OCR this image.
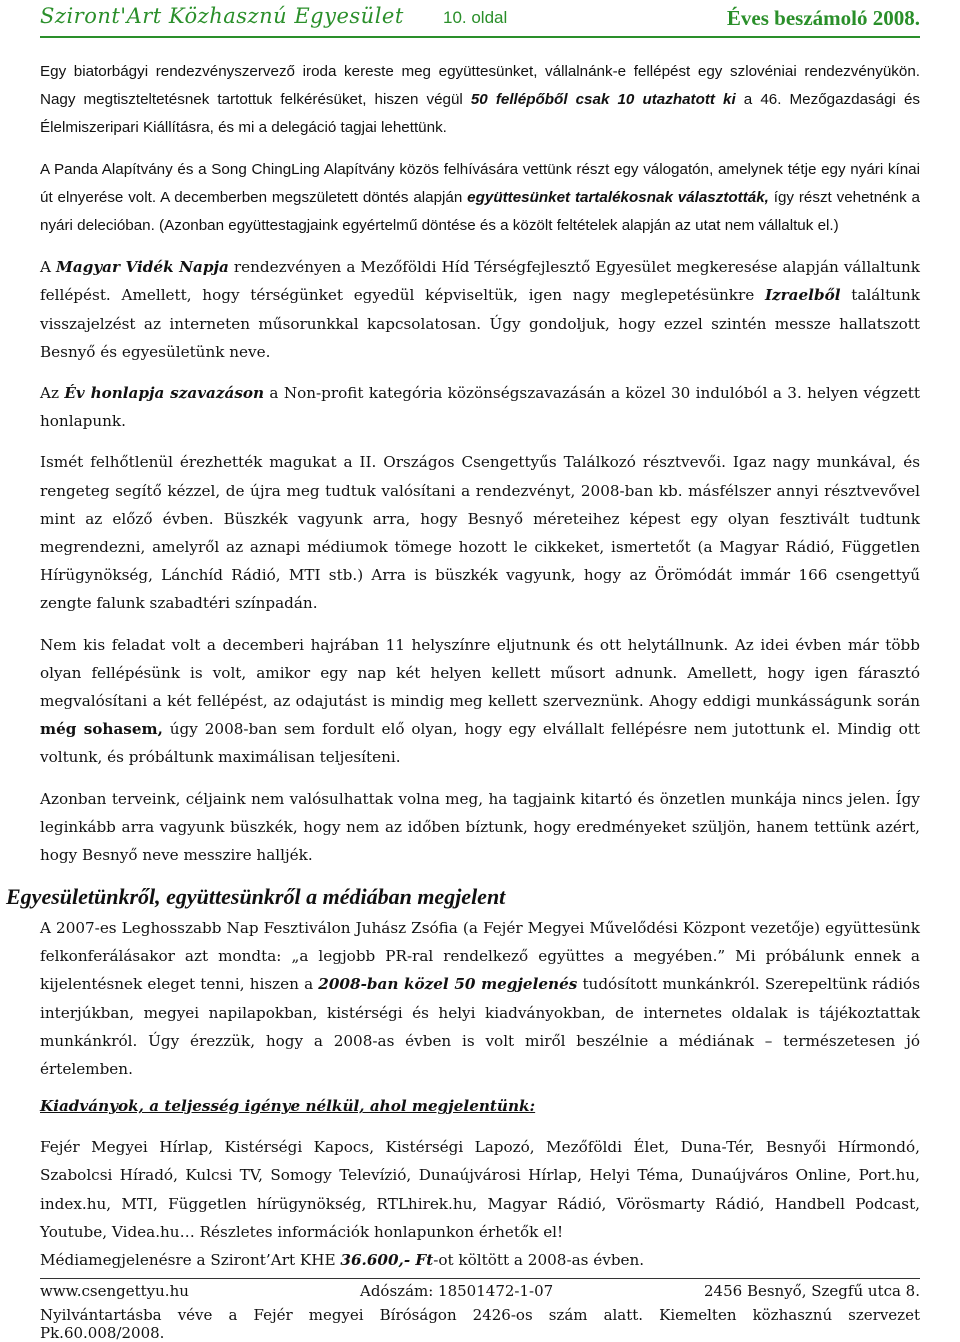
Sziront'Art Közhasznú Egyesület 10. oldal	Éves beszámoló 2008.

Egy biatorbágyi rendezvényszervező iroda kereste meg együttesünket, vállalnánk-e fellépést egy szlovéniai rendezvényükön. Nagy megtiszteltetésnek tartottuk felkérésüket, hiszen végül 50 fellépőből csak 10 utazhatott ki a 46. Mezőgazdasági és Élelmiszeripari Kiállításra, és mi a delegáció tagjai lehettünk.

A Panda Alapítvány és a Song ChingLing Alapítvány közös felhívására vettünk részt egy válogatón, amelynek tétje egy nyári kínai út elnyerése volt. A decemberben megszületett döntés alapján együttesünket tartalékosnak választották, így részt vehetnénk a nyári delecióban. (Azonban együttestagjaink egyértelmű döntése és a közölt feltételek alapján az utat nem vállaltuk el.)

A Magyar Vidék Napja rendezvényen a Mezőföldi Híd Térségfejlesztő Egyesület megkeresése alapján vállaltunk fellépést. Amellett, hogy térségünket egyedül képviseltük, igen nagy meglepetésünkre Izraelből találtunk visszajelzést az interneten műsorunkkal kapcsolatosan. Úgy gondoljuk, hogy ezzel szintén messze hallatszott Besnyő és egyesületünk neve.

Az Év honlapja szavazáson a Non-profit kategória közönségszavazásán a közel 30 indulóból a 3. helyen végzett honlapunk.

Ismét felhőtlenül érezhették magukat a II. Országos Csengettyűs Találkozó résztvevői. Igaz nagy munkával, és rengeteg segítő kézzel, de újra meg tudtuk valósítani a rendezvényt, 2008-ban kb. másfélszer annyi résztvevővel mint az előző évben. Büszkék vagyunk arra, hogy Besnyő méreteihez képest egy olyan fesztivált tudtunk megrendezni, amelyről az aznapi médiumok tömege hozott le cikkeket, ismertetőt (a Magyar Rádió, Független Hírügynökség, Lánchíd Rádió, MTI stb.) Arra is büszkék vagyunk, hogy az Örömódát immár 166 csengettyű zengte falunk szabadtéri színpadán.

Nem kis feladat volt a decemberi hajrában 11 helyszínre eljutnunk és ott helytállnunk. Az idei évben már több olyan fellépésünk is volt, amikor egy nap két helyen kellett műsort adnunk. Amellett, hogy igen fárasztó megvalósítani a két fellépést, az odajutást is mindig meg kellett szerveznünk. Ahogy eddigi munkásságunk során még sohasem, úgy 2008-ban sem fordult elő olyan, hogy egy elvállalt fellépésre nem jutottunk el. Mindig ott voltunk, és próbáltunk maximálisan teljesíteni.

Azonban terveink, céljaink nem valósulhattak volna meg, ha tagjaink kitartó és önzetlen munkája nincs jelen. Így leginkább arra vagyunk büszkék, hogy nem az időben bíztunk, hogy eredményeket szüljön, hanem tettünk azért, hogy Besnyő neve messzire halljék.

Egyesületünkről, együttesünkről a médiában megjelent

A 2007-es Leghosszabb Nap Fesztiválon Juhász Zsófia (a Fejér Megyei Művelődési Központ vezetője) együttesünk felkonferálásakor azt mondta: „a legjobb PR-ral rendelkező együttes a megyében.” Mi próbálunk ennek a kijelentésnek eleget tenni, hiszen a 2008-ban közel 50 megjelenés tudósított munkánkról. Szerepeltünk rádiós interjúkban, megyei napilapokban, kistérségi és helyi kiadványokban, de internetes oldalak is tájékoztattak munkánkról. Úgy érezzük, hogy a 2008-as évben is volt miről beszélnie a médiának – természetesen jó értelemben.

Kiadványok, a teljesség igénye nélkül, ahol megjelentünk:

Fejér Megyei Hírlap, Kistérségi Kapocs, Kistérségi Lapozó, Mezőföldi Élet, Duna-Tér, Besnyői Hírmondó, Szabolcsi Híradó, Kulcsi TV, Somogy Televízió, Dunaújvárosi Hírlap, Helyi Téma, Dunaújváros Online, Port.hu, index.hu, MTI, Független hírügynökség, RTLhirek.hu, Magyar Rádió, Vörösmarty Rádió, Handbell Podcast, Youtube, Videa.hu… Részletes információk honlapunkon érhetők el!

Médiamegjelenésre a Sziront’Art KHE 36.600,- Ft-ot költött a 2008-as évben.

www.csengettyu.hu	Adószám: 18501472-1-07	2456 Besnyő, Szegfű utca 8.
Nyilvántartásba véve a Fejér megyei Bíróságon 2426-os szám alatt. Kiemelten közhasznú szervezet Pk.60.008/2008.
